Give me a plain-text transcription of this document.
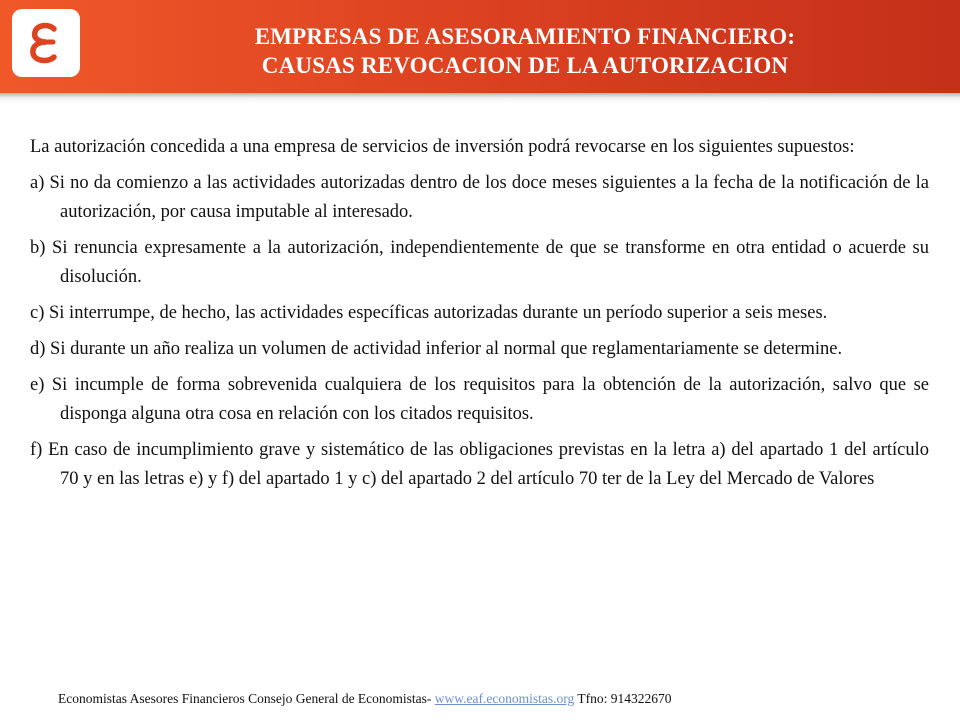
EMPRESAS DE ASESORAMIENTO FINANCIERO:
CAUSAS REVOCACION DE LA AUTORIZACION

La autorización concedida a una empresa de servicios de inversión podrá revocarse en los siguientes supuestos:

a) Si no da comienzo a las actividades autorizadas dentro de los doce meses siguientes a la fecha de la notificación de la autorización, por causa imputable al interesado.

b) Si renuncia expresamente a la autorización, independientemente de que se transforme en otra entidad o acuerde su disolución.

c) Si interrumpe, de hecho, las actividades específicas autorizadas durante un período superior a seis meses.

d) Si durante un año realiza un volumen de actividad inferior al normal que reglamentariamente se determine.

e) Si incumple de forma sobrevenida cualquiera de los requisitos para la obtención de la autorización, salvo que se disponga alguna otra cosa en relación con los citados requisitos.

f) En caso de incumplimiento grave y sistemático de las obligaciones previstas en la letra a) del apartado 1 del artículo 70 y en las letras e) y f) del apartado 1 y c) del apartado 2 del artículo 70 ter de la Ley del Mercado de Valores

Economistas Asesores Financieros Consejo General de Economistas- www.eaf.economistas.org Tfno: 914322670
